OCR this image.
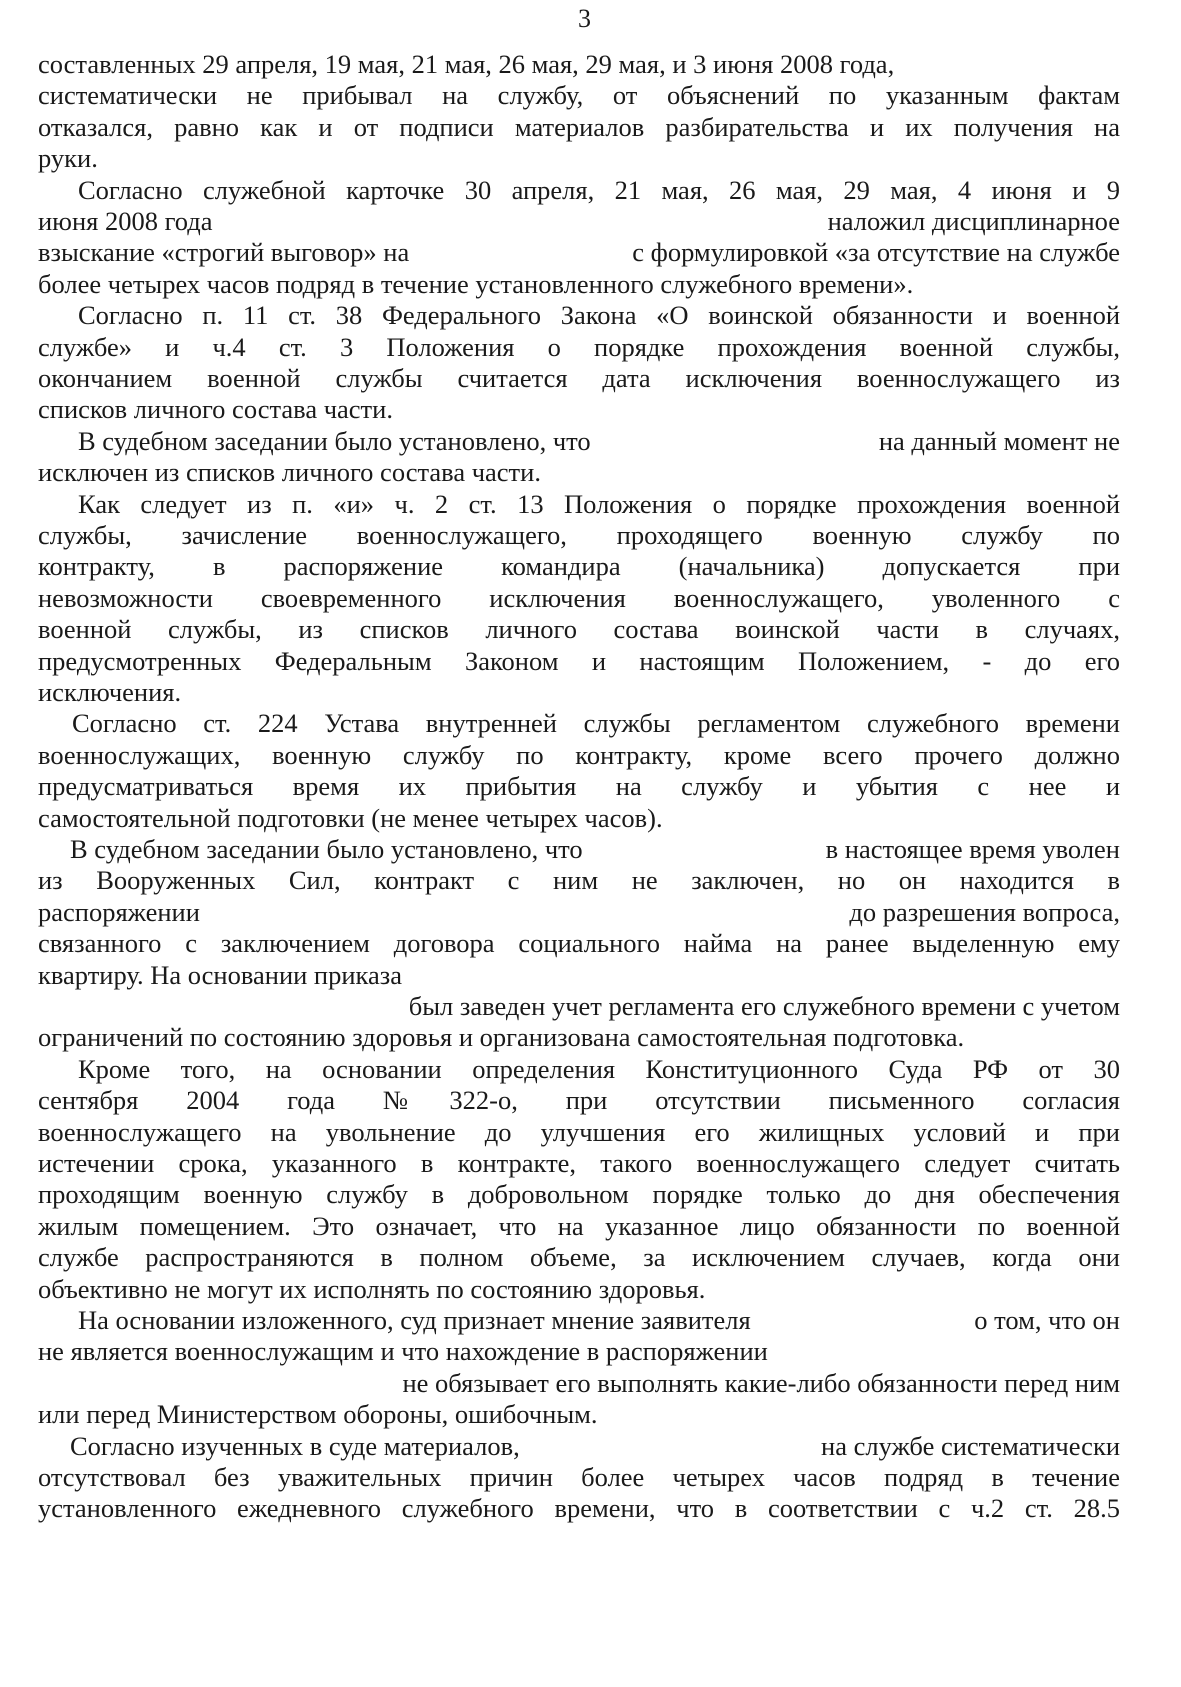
3
составленных 29 апреля, 19 мая, 21 мая, 26 мая, 29 мая, и 3 июня 2008 года,
систематически не прибывал на службу, от объяснений по указанным фактам
отказался, равно как и от подписи материалов разбирательства и их получения на
руки.
Согласно служебной карточке 30 апреля, 21 мая, 26 мая, 29 мая, 4 июня и 9
июня 2008 года	наложил дисциплинарное
взыскание «строгий выговор» на	с формулировкой «за отсутствие на службе
более четырех часов подряд в течение установленного служебного времени».
Согласно п. 11 ст. 38 Федерального Закона «О воинской обязанности и военной
службе» и ч.4 ст. 3 Положения о порядке прохождения военной службы,
окончанием военной службы считается дата исключения военнослужащего из
списков личного состава части.
В судебном заседании было установлено, что	на данный момент не
исключен из списков личного состава части.
Как следует из п. «и» ч. 2 ст. 13 Положения о порядке прохождения военной
службы, зачисление военнослужащего, проходящего военную службу по
контракту, в распоряжение командира (начальника) допускается при
невозможности своевременного исключения военнослужащего, уволенного с
военной службы, из списков личного состава воинской части в случаях,
предусмотренных Федеральным Законом и настоящим Положением, - до его
исключения.
Согласно ст. 224 Устава внутренней службы регламентом служебного времени
военнослужащих, военную службу по контракту, кроме всего прочего должно
предусматриваться время их прибытия на службу и убытия с нее и
самостоятельной подготовки (не менее четырех часов).
В судебном заседании было установлено, что	в настоящее время уволен
из Вооруженных Сил, контракт с ним не заключен, но он находится в
распоряжении	до разрешения вопроса,
связанного с заключением договора социального найма на ранее выделенную ему
квартиру. На основании приказа
был заведен учет регламента его служебного времени с учетом
ограничений по состоянию здоровья и организована самостоятельная подготовка.
Кроме того, на основании определения Конституционного Суда РФ от 30
сентября 2004 года №322-о, при отсутствии письменного согласия
военнослужащего на увольнение до улучшения его жилищных условий и при
истечении срока, указанного в контракте, такого военнослужащего следует считать
проходящим военную службу в добровольном порядке только до дня обеспечения
жилым помещением. Это означает, что на указанное лицо обязанности по военной
службе распространяются в полном объеме, за исключением случаев, когда они
объективно не могут их исполнять по состоянию здоровья.
На основании изложенного, суд признает мнение заявителя	о том, что он
не является военнослужащим и что нахождение в распоряжении
не обязывает его выполнять какие-либо обязанности перед ним
или перед Министерством обороны, ошибочным.
Согласно изученных в суде материалов,	на службе систематически
отсутствовал без уважительных причин более четырех часов подряд в течение
установленного ежедневного служебного времени, что в соответствии с ч.2 ст. 28.5
